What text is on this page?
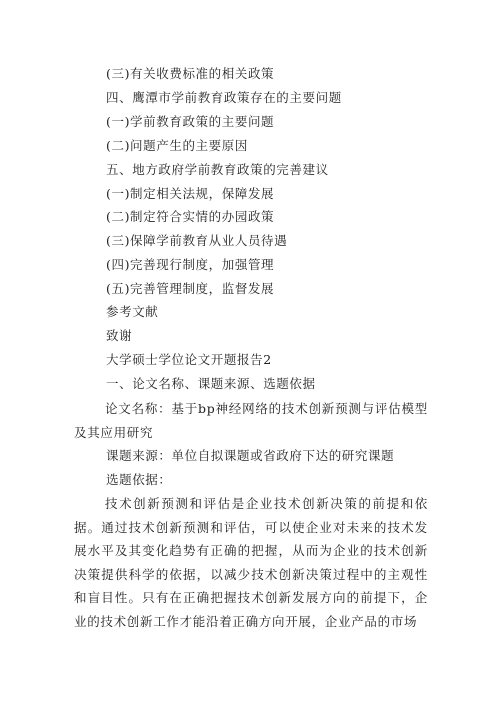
(三)有关收费标准的相关政策
四、鹰潭市学前教育政策存在的主要问题
(一)学前教育政策的主要问题
(二)问题产生的主要原因
五、地方政府学前教育政策的完善建议
(一)制定相关法规，保障发展
(二)制定符合实情的办园政策
(三)保障学前教育从业人员待遇
(四)完善现行制度，加强管理
(五)完善管理制度，监督发展
参考文献
致谢
大学硕士学位论文开题报告2
一、论文名称、课题来源、选题依据
论文名称：基于bp神经网络的技术创新预测与评估模型及其应用研究
课题来源：单位自拟课题或省政府下达的研究课题
选题依据：
技术创新预测和评估是企业技术创新决策的前提和依据。通过技术创新预测和评估，可以使企业对未来的技术发展水平及其变化趋势有正确的把握，从而为企业的技术创新决策提供科学的依据，以减少技术创新决策过程中的主观性和盲目性。只有在正确把握技术创新发展方向的前提下，企业的技术创新工作才能沿着正确方向开展，企业产品的市场
